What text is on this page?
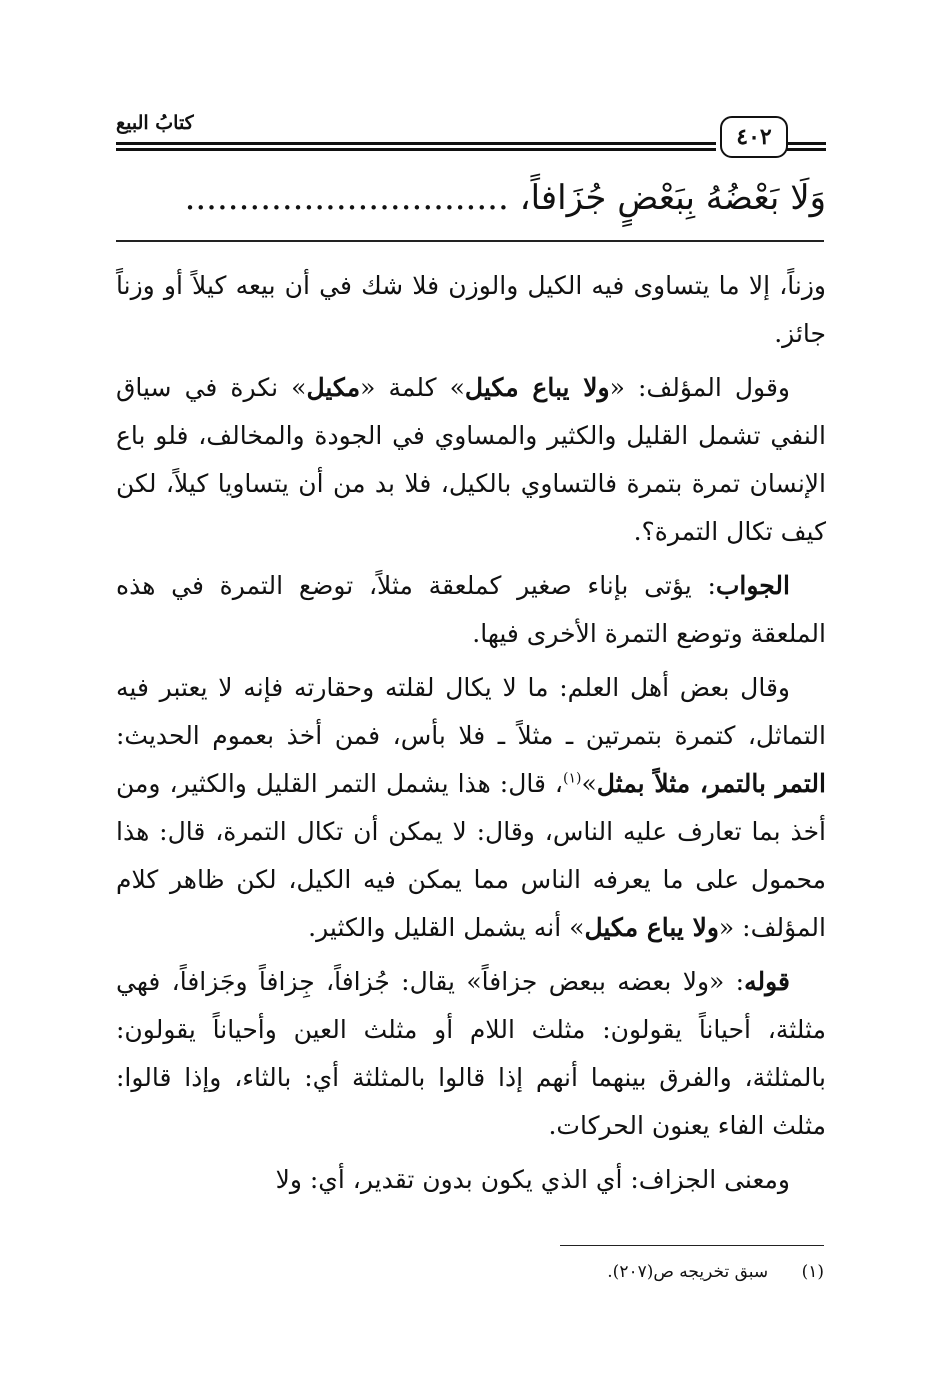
كتابُ البيع
٤٠٢
وَلَا بَعْضُهُ بِبَعْضٍ جُزَافاً، ..............................

وزناً، إلا ما يتساوى فيه الكيل والوزن فلا شك في أن بيعه كيلاً أو وزناً جائز.

وقول المؤلف: «ولا يباع مكيل» كلمة «مكيل» نكرة في سياق النفي تشمل القليل والكثير والمساوي في الجودة والمخالف، فلو باع الإنسان تمرة بتمرة فالتساوي بالكيل، فلا بد من أن يتساويا كيلاً، لكن كيف تكال التمرة؟.

الجواب: يؤتى بإناء صغير كملعقة مثلاً، توضع التمرة في هذه الملعقة وتوضع التمرة الأخرى فيها.

وقال بعض أهل العلم: ما لا يكال لقلته وحقارته فإنه لا يعتبر فيه التماثل، كتمرة بتمرتين ـ مثلاً ـ فلا بأس، فمن أخذ بعموم الحديث: التمر بالتمر، مثلاً بمثل»$^{(١)}$، قال: هذا يشمل التمر القليل والكثير، ومن أخذ بما تعارف عليه الناس، وقال: لا يمكن أن تكال التمرة، قال: هذا محمول على ما يعرفه الناس مما يمكن فيه الكيل، لكن ظاهر كلام المؤلف: «ولا يباع مكيل» أنه يشمل القليل والكثير.

قوله: «ولا بعضه ببعض جزافاً» يقال: جُزافاً، جِزافاً وجَزافاً، فهي مثلثة، أحياناً يقولون: مثلث اللام أو مثلث العين وأحياناً يقولون: بالمثلثة، والفرق بينهما أنهم إذا قالوا بالمثلثة أي: بالثاء، وإذا قالوا: مثلث الفاء يعنون الحركات.

ومعنى الجزاف: أي الذي يكون بدون تقدير، أي: ولا

(١) سبق تخريجه ص(٢٠٧).
